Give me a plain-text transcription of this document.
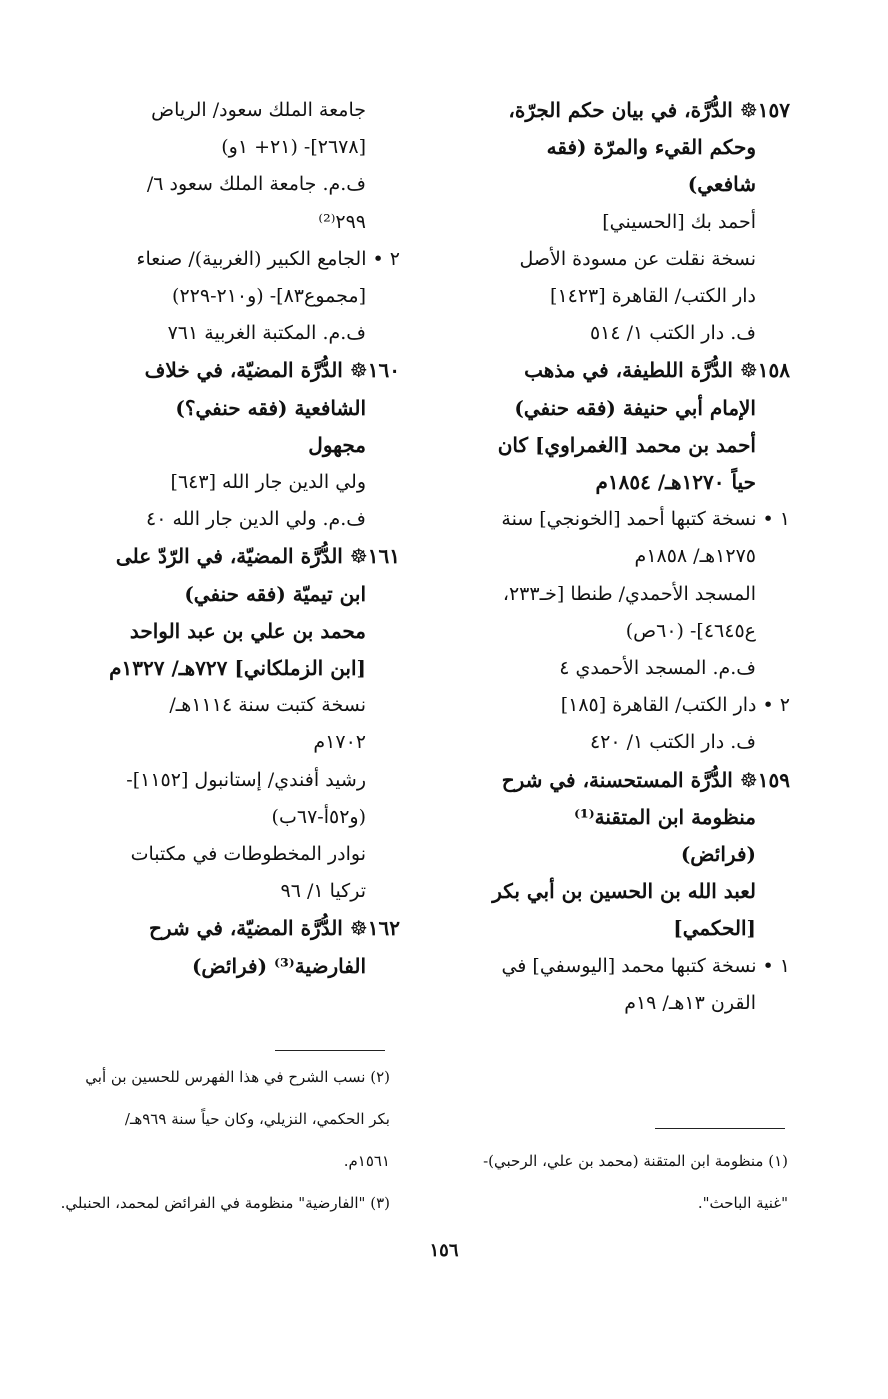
١٥٧☸ الدُّرَّة، في بيان حكم الجرّة،
وحكم القيء والمرّة (فقه
شافعي)
أحمد بك [الحسيني]
نسخة نقلت عن مسودة الأصل
دار الكتب/ القاهرة [١٤٢٣]
ف. دار الكتب ١/ ٥١٤
١٥٨☸ الدُّرَّة اللطيفة، في مذهب
الإمام أبي حنيفة (فقه حنفي)
أحمد بن محمد [الغمراوي] كان
حياً ١٢٧٠هـ/ ١٨٥٤م
١ • نسخة كتبها أحمد [الخونجي] سنة
١٢٧٥هـ/ ١٨٥٨م
المسجد الأحمدي/ طنطا [خـ٢٣٣،
ع٤٦٤٥]- (٦٠ص)
ف.م. المسجد الأحمدي ٤
٢ • دار الكتب/ القاهرة [١٨٥]
ف. دار الكتب ١/ ٤٢٠
١٥٩☸ الدُّرَّة المستحسنة، في شرح
منظومة ابن المتقنة⁽¹⁾
(فرائض)
لعبد الله بن الحسين بن أبي بكر
[الحكمي]
١ • نسخة كتبها محمد [اليوسفي] في
القرن ١٣هـ/ ١٩م
جامعة الملك سعود/ الرياض
[٢٦٧٨]- (٢١+ ١و)
ف.م. جامعة الملك سعود ٦/
٢٩٩⁽²⁾
٢ • الجامع الكبير (الغربية)/ صنعاء
[مجموع٨٣]- (و٢١٠-٢٢٩)
ف.م. المكتبة الغربية ٧٦١
١٦٠☸ الدُّرَّة المضيّة، في خلاف
الشافعية (فقه حنفي؟)
مجهول
ولي الدين جار الله [٦٤٣]
ف.م. ولي الدين جار الله ٤٠
١٦١☸ الدُّرَّة المضيّة، في الرّدّ على
ابن تيميّة (فقه حنفي)
محمد بن علي بن عبد الواحد
[ابن الزملكاني] ٧٢٧هـ/ ١٣٢٧م
نسخة كتبت سنة ١١١٤هـ/
١٧٠٢م
رشيد أفندي/ إستانبول [١١٥٢]-
(و٥٢أ-٦٧ب)
نوادر المخطوطات في مكتبات
تركيا ١/ ٩٦
١٦٢☸ الدُّرَّة المضيّة، في شرح
الفارضية⁽³⁾ (فرائض)
(١) منظومة ابن المتقنة (محمد بن علي، الرحبي)-
"غنية الباحث".
(٢) نسب الشرح في هذا الفهرس للحسين بن أبي
بكر الحكمي، النزيلي، وكان حياً سنة ٩٦٩هـ/
١٥٦١م.
(٣) "الفارضية" منظومة في الفرائض لمحمد، الحنبلي.
١٥٦
